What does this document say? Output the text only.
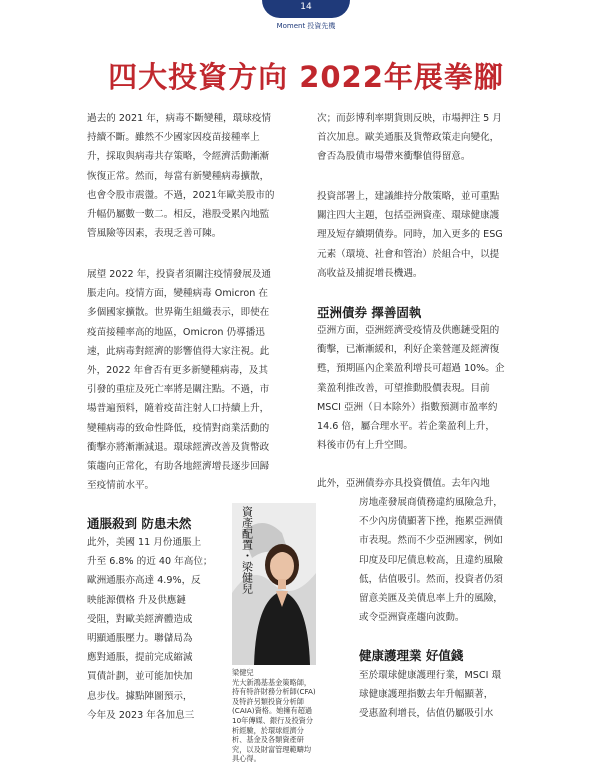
14
Moment 投資先機
四大投資方向 2022年展拳腳
過去的 2021 年，病毒不斷變種，環球疫情
持續不斷。雖然不少國家因疫苗接種率上
升，採取與病毒共存策略，令經濟活動漸漸
恢復正常。然而，每當有新變種病毒擴散，
也會令股市震盪。不過，2021年歐美股市的
升幅仍屬數一數二。相反，港股受累內地監
管風險等因素，表現乏善可陳。
展望 2022 年，投資者須關注疫情發展及通
脹走向。疫情方面，變種病毒 Omicron 在
多個國家擴散。世界衛生組織表示，即使在
疫苗接種率高的地區，Omicron 仍導播迅
速，此病毒對經濟的影響值得大家注視。此
外，2022 年會否有更多新變種病毒，及其
引發的重症及死亡率將是關注點。不過，市
場普遍預料，隨着疫苗注射人口持續上升，
變種病毒的致命性降低，疫情對商業活動的
衝擊亦將漸漸減退。環球經濟改善及貨幣政
策趨向正常化，有助各地經濟增長逐步回歸
至疫情前水平。
通脹殺到 防患未然
此外，美國 11 月份通脹上
升至 6.8% 的近 40 年高位；
歐洲通脹亦高達 4.9%，反
映能源價格 升及供應鏈
受阻，對歐美經濟體造成
明顯通脹壓力。聯儲局為
應對通脹，提前完成縮減
買債計劃，並可能加快加
息步伐。據點陣圖預示，
今年及 2023 年各加息三
資產配置・梁健兒
梁健兒
光大新鴻基基金策略師，
持有特許財務分析師(CFA)
及特許另類投資分析師
(CAIA)資格。她擁有超過
10年傳媒、銀行及投資分
析經驗，於環球經濟分
析、基金及各類資產研
究，以及財富管理範疇均
具心得。
次；而彭博利率期貨則反映，市場押注 5 月
首次加息。歐美通脹及貨幣政策走向變化，
會否為股債市場帶來衝擊值得留意。
投資部署上，建議維持分散策略，並可重點
關注四大主題，包括亞洲資產、環球健康護
理及短存續期債券。同時，加入更多的 ESG
元素（環境、社會和管治）於組合中，以提
高收益及捕捉增長機遇。
亞洲債券 擇善固執
亞洲方面，亞洲經濟受疫情及供應鏈受阻的
衝擊，已漸漸緩和，利好企業營運及經濟復
甦，預期區內企業盈利增長可超過 10%。企
業盈利推改善，可望推動股價表現。目前
MSCI 亞洲（日本除外）指數預測市盈率約
14.6 倍，屬合理水平。若企業盈利上升，
料後市仍有上升空間。
此外，亞洲債券亦具投資價值。去年內地
房地產發展商債務違約風險急升，
不少內房債顯著下挫，拖累亞洲債
市表現。然而不少亞洲國家，例如
印度及印尼債息較高，且違約風險
低，估值吸引。然而，投資者仍須
留意美匯及美債息率上升的風險，
或令亞洲資產趨向波動。
健康護理業 好值錢
至於環球健康護理行業，MSCI 環
球健康護理指數去年升幅顯著，
受惠盈利增長，估值仍屬吸引水
